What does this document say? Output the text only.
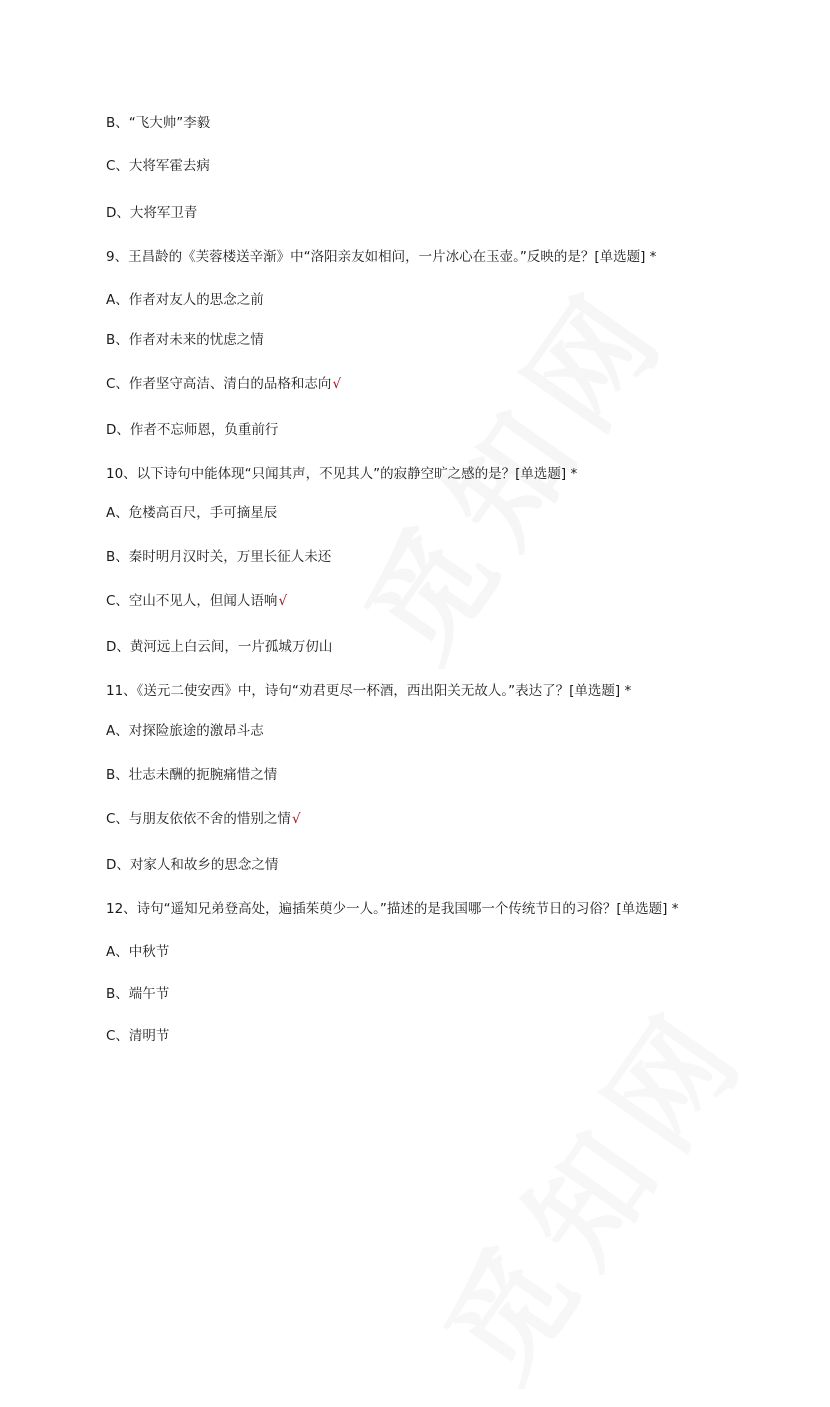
B、“飞大帅”李毅
C、大将军霍去病
D、大将军卫青
9、王昌龄的《芙蓉楼送辛渐》中“洛阳亲友如相问，一片冰心在玉壶。”反映的是？[单选题] *
A、作者对友人的思念之前
B、作者对未来的忧虑之情
C、作者坚守高洁、清白的品格和志向√
D、作者不忘师恩，负重前行
10、以下诗句中能体现“只闻其声，不见其人”的寂静空旷之感的是？[单选题] *
A、危楼高百尺，手可摘星辰
B、秦时明月汉时关，万里长征人未还
C、空山不见人，但闻人语响√
D、黄河远上白云间，一片孤城万仞山
11、《送元二使安西》中，诗句“劝君更尽一杯酒，西出阳关无故人。”表达了？[单选题] *
A、对探险旅途的激昂斗志
B、壮志未酬的扼腕痛惜之情
C、与朋友依依不舍的惜别之情√
D、对家人和故乡的思念之情
12、诗句“遥知兄弟登高处，遍插茱萸少一人。”描述的是我国哪一个传统节日的习俗？[单选题] *
A、中秋节
B、端午节
C、清明节
